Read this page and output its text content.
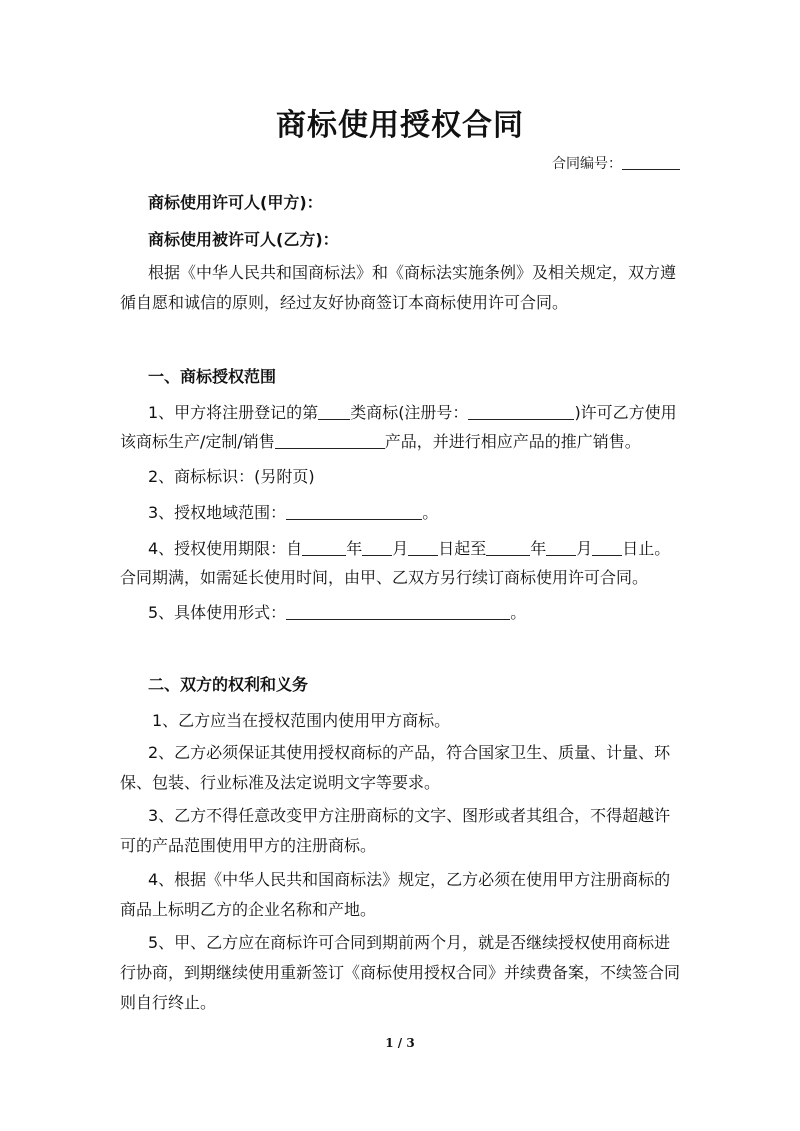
商标使用授权合同
合同编号：
商标使用许可人(甲方)：
商标使用被许可人(乙方)：
根据《中华人民共和国商标法》和《商标法实施条例》及相关规定，双方遵循自愿和诚信的原则，经过友好协商签订本商标使用许可合同。
一、商标授权范围
1、甲方将注册登记的第 类商标(注册号：	)许可乙方使用
该商标生产/定制/销售	产品，并进行相应产品的推广销售。
2、商标标识：(另附页)
3、授权地域范围：	。
4、授权使用期限：自	年 月 日起至	年 月 日止。
合同期满，如需延长使用时间，由甲、乙双方另行续订商标使用许可合同。
5、具体使用形式：	。
二、双方的权利和义务
1、乙方应当在授权范围内使用甲方商标。
2、乙方必须保证其使用授权商标的产品，符合国家卫生、质量、计量、环保、包装、行业标准及法定说明文字等要求。
3、乙方不得任意改变甲方注册商标的文字、图形或者其组合，不得超越许可的产品范围使用甲方的注册商标。
4、根据《中华人民共和国商标法》规定，乙方必须在使用甲方注册商标的商品上标明乙方的企业名称和产地。
5、甲、乙方应在商标许可合同到期前两个月，就是否继续授权使用商标进行协商，到期继续使用重新签订《商标使用授权合同》并续费备案，不续签合同则自行终止。
1 / 3
